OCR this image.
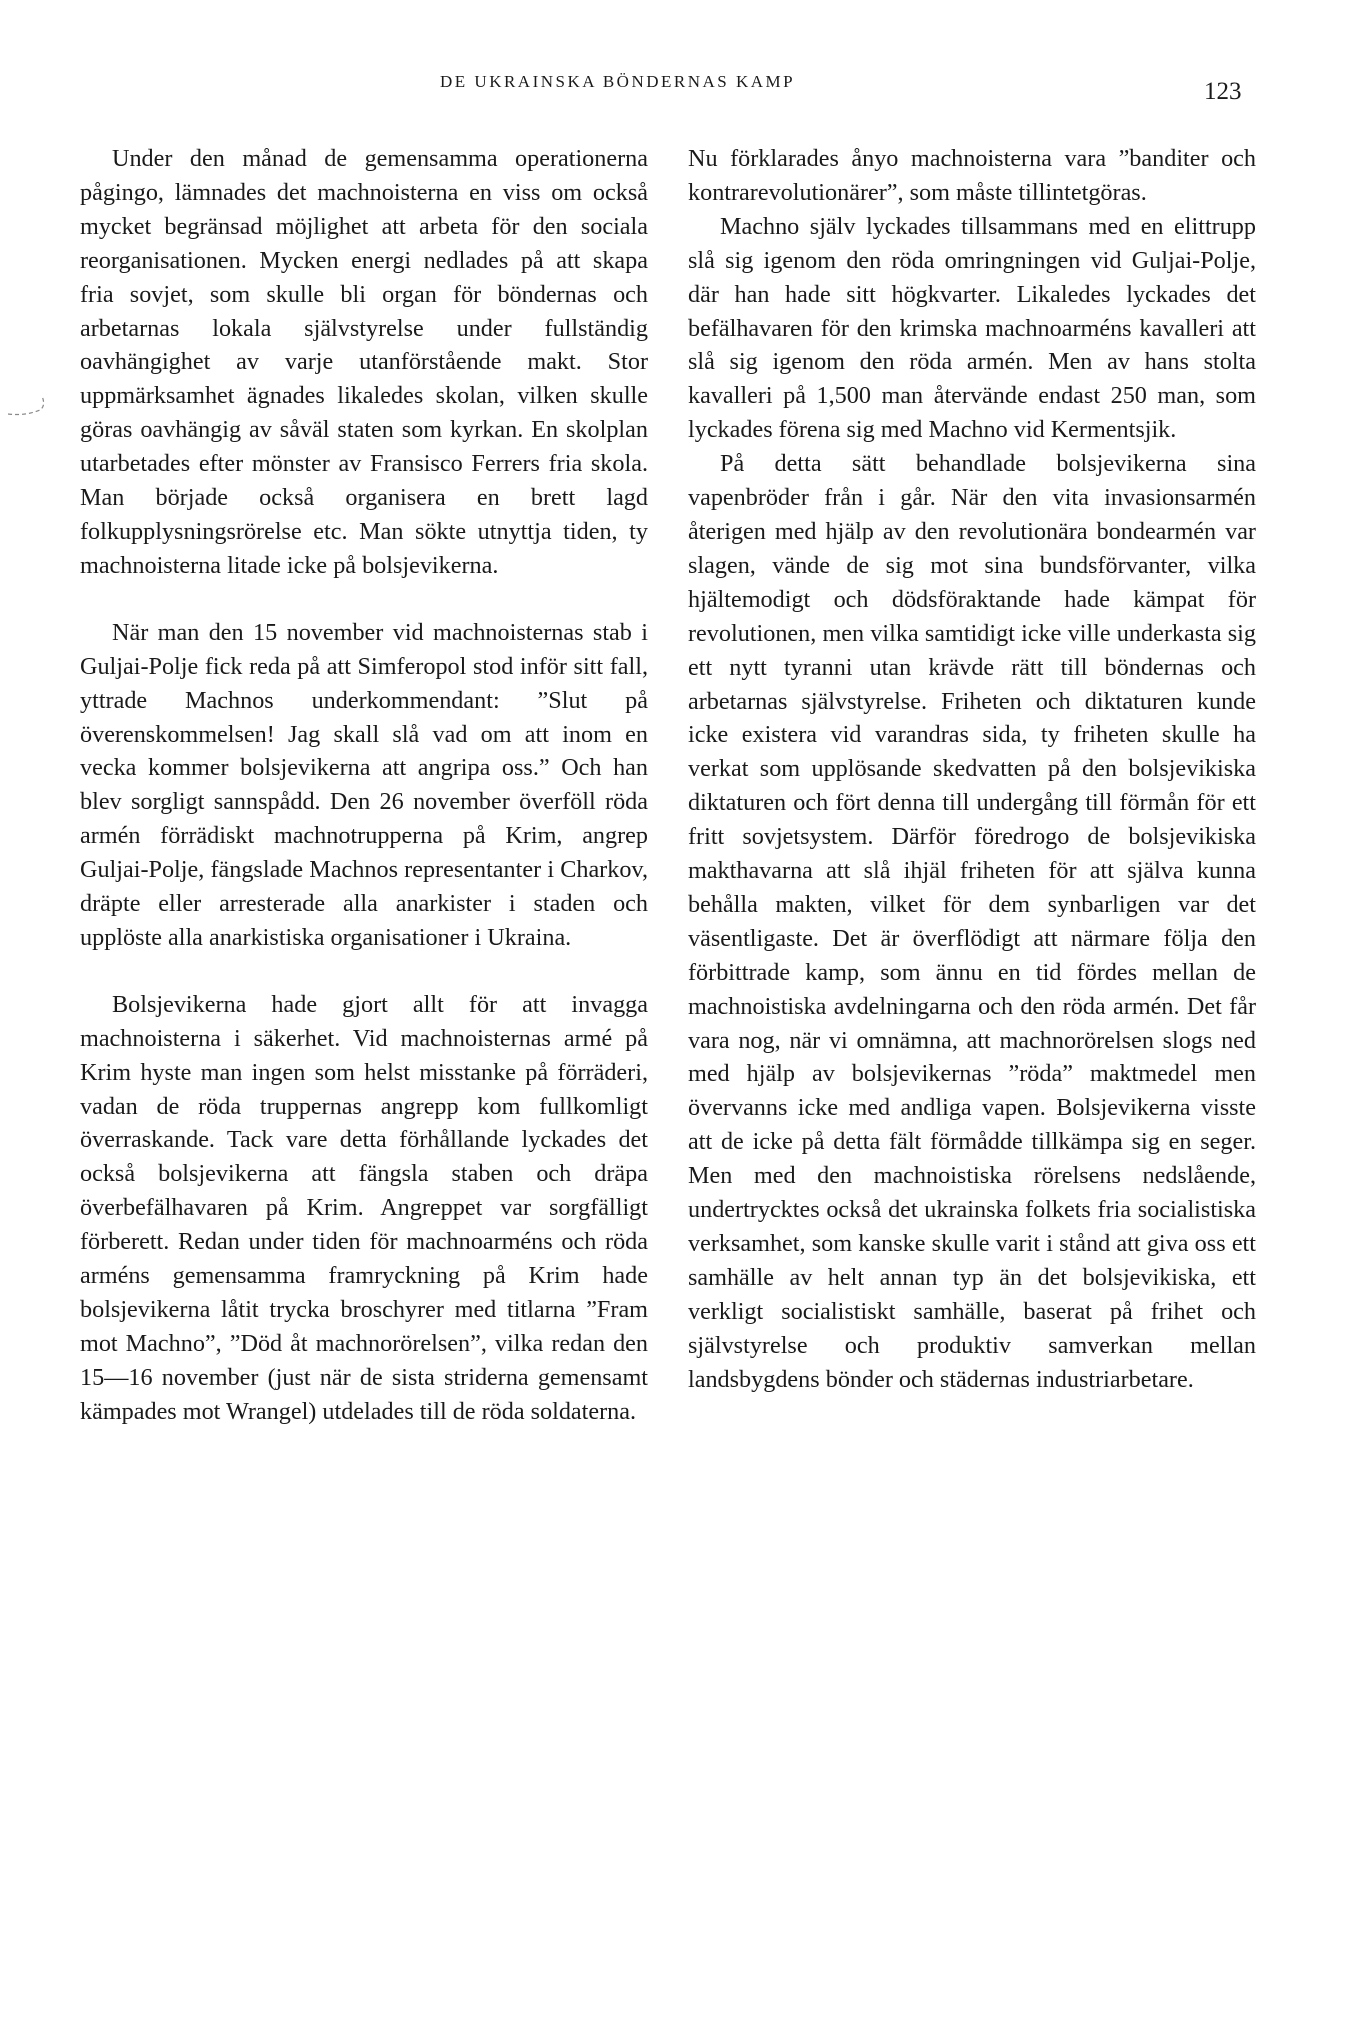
DE UKRAINSKA BÖNDERNAS KAMP	123

Under den månad de gemensamma operationerna pågingo, lämnades det machnoisterna en viss om också mycket begränsad möjlighet att arbeta för den sociala reorganisationen. Mycken energi nedlades på att skapa fria sovjet, som skulle bli organ för böndernas och arbetarnas lokala självstyrelse under fullständig oavhängighet av varje utanförstående makt. Stor uppmärksamhet ägnades likaledes skolan, vilken skulle göras oavhängig av såväl staten som kyrkan. En skolplan utarbetades efter mönster av Fransisco Ferrers fria skola. Man började också organisera en brett lagd folkupplysningsrörelse etc. Man sökte utnyttja tiden, ty machnoisterna litade icke på bolsjevikerna.

När man den 15 november vid machnoisternas stab i Guljai-Polje fick reda på att Simferopol stod inför sitt fall, yttrade Machnos underkommendant: ”Slut på överenskommelsen! Jag skall slå vad om att inom en vecka kommer bolsjevikerna att angripa oss.” Och han blev sorgligt sannspådd. Den 26 november överföll röda armén förrädiskt machnotrupperna på Krim, angrep Guljai-Polje, fängslade Machnos representanter i Charkov, dräpte eller arresterade alla anarkister i staden och upplöste alla anarkistiska organisationer i Ukraina.

Bolsjevikerna hade gjort allt för att invagga machnoisterna i säkerhet. Vid machnoisternas armé på Krim hyste man ingen som helst misstanke på förräderi, vadan de röda truppernas angrepp kom fullkomligt överraskande. Tack vare detta förhållande lyckades det också bolsjevikerna att fängsla staben och dräpa överbefälhavaren på Krim. Angreppet var sorgfälligt förberett. Redan under tiden för machnoarméns och röda arméns gemensamma framryckning på Krim hade bolsjevikerna låtit trycka broschyrer med titlarna ”Fram mot Machno”, ”Död åt machnorörelsen”, vilka redan den 15—16 november (just när de sista striderna gemensamt kämpades mot Wrangel) utdelades till de röda soldaterna.

Nu förklarades ånyo machnoisterna vara ”banditer och kontrarevolutionärer”, som måste tillintetgöras.

Machno själv lyckades tillsammans med en elittrupp slå sig igenom den röda omringningen vid Guljai-Polje, där han hade sitt högkvarter. Likaledes lyckades det befälhavaren för den krimska machnoarméns kavalleri att slå sig igenom den röda armén. Men av hans stolta kavalleri på 1,500 man återvände endast 250 man, som lyckades förena sig med Machno vid Kermentsjik.

På detta sätt behandlade bolsjevikerna sina vapenbröder från i går. När den vita invasionsarmén återigen med hjälp av den revolutionära bondearmén var slagen, vände de sig mot sina bundsförvanter, vilka hjältemodigt och dödsföraktande hade kämpat för revolutionen, men vilka samtidigt icke ville underkasta sig ett nytt tyranni utan krävde rätt till böndernas och arbetarnas självstyrelse. Friheten och diktaturen kunde icke existera vid varandras sida, ty friheten skulle ha verkat som upplösande skedvatten på den bolsjevikiska diktaturen och fört denna till undergång till förmån för ett fritt sovjetsystem. Därför föredrogo de bolsjevikiska makthavarna att slå ihjäl friheten för att själva kunna behålla makten, vilket för dem synbarligen var det väsentligaste. Det är överflödigt att närmare följa den förbittrade kamp, som ännu en tid fördes mellan de machnoistiska avdelningarna och den röda armén. Det får vara nog, när vi omnämna, att machnorörelsen slogs ned med hjälp av bolsjevikernas ”röda” maktmedel men övervanns icke med andliga vapen. Bolsjevikerna visste att de icke på detta fält förmådde tillkämpa sig en seger. Men med den machnoistiska rörelsens nedslående, undertrycktes också det ukrainska folkets fria socialistiska verksamhet, som kanske skulle varit i stånd att giva oss ett samhälle av helt annan typ än det bolsjevikiska, ett verkligt socialistiskt samhälle, baserat på frihet och självstyrelse och produktiv samverkan mellan landsbygdens bönder och städernas industriarbetare.
